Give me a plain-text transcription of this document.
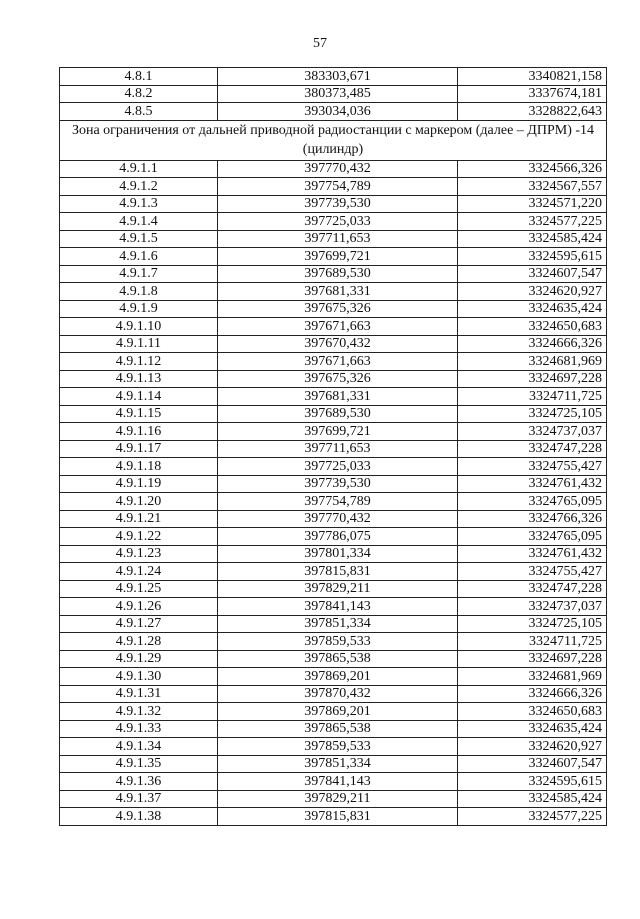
57
4.8.1	383303,671	3340821,158
4.8.2	380373,485	3337674,181
4.8.5	393034,036	3328822,643
Зона ограничения от дальней приводной радиостанции с маркером (далее – ДПРМ) -14 (цилиндр)		
4.9.1.1	397770,432	3324566,326
4.9.1.2	397754,789	3324567,557
4.9.1.3	397739,530	3324571,220
4.9.1.4	397725,033	3324577,225
4.9.1.5	397711,653	3324585,424
4.9.1.6	397699,721	3324595,615
4.9.1.7	397689,530	3324607,547
4.9.1.8	397681,331	3324620,927
4.9.1.9	397675,326	3324635,424
4.9.1.10	397671,663	3324650,683
4.9.1.11	397670,432	3324666,326
4.9.1.12	397671,663	3324681,969
4.9.1.13	397675,326	3324697,228
4.9.1.14	397681,331	3324711,725
4.9.1.15	397689,530	3324725,105
4.9.1.16	397699,721	3324737,037
4.9.1.17	397711,653	3324747,228
4.9.1.18	397725,033	3324755,427
4.9.1.19	397739,530	3324761,432
4.9.1.20	397754,789	3324765,095
4.9.1.21	397770,432	3324766,326
4.9.1.22	397786,075	3324765,095
4.9.1.23	397801,334	3324761,432
4.9.1.24	397815,831	3324755,427
4.9.1.25	397829,211	3324747,228
4.9.1.26	397841,143	3324737,037
4.9.1.27	397851,334	3324725,105
4.9.1.28	397859,533	3324711,725
4.9.1.29	397865,538	3324697,228
4.9.1.30	397869,201	3324681,969
4.9.1.31	397870,432	3324666,326
4.9.1.32	397869,201	3324650,683
4.9.1.33	397865,538	3324635,424
4.9.1.34	397859,533	3324620,927
4.9.1.35	397851,334	3324607,547
4.9.1.36	397841,143	3324595,615
4.9.1.37	397829,211	3324585,424
4.9.1.38	397815,831	3324577,225
